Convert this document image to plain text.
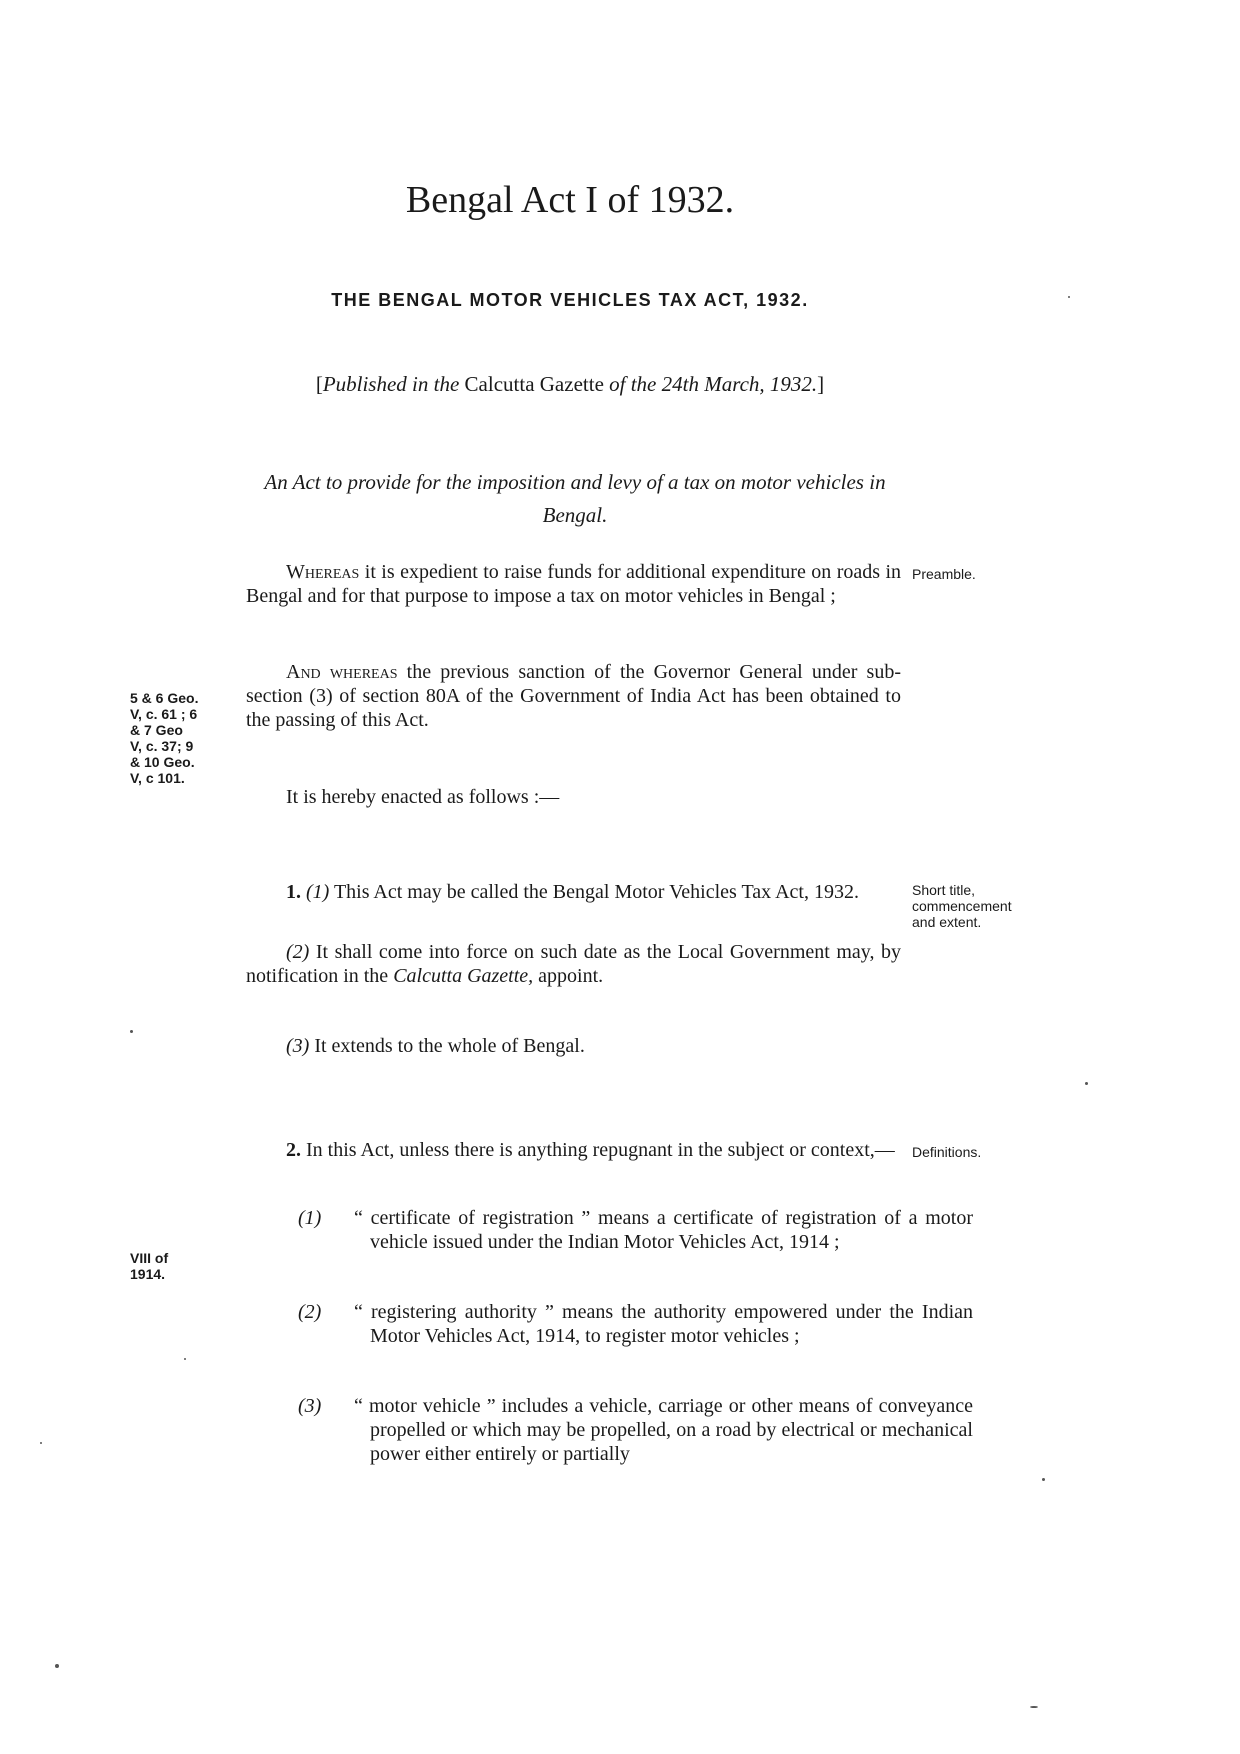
Bengal Act I of 1932.
THE BENGAL MOTOR VEHICLES TAX ACT, 1932.
[Published in the Calcutta Gazette of the 24th March, 1932.]
An Act to provide for the imposition and levy of a tax on motor vehicles in Bengal.
Whereas it is expedient to raise funds for additional expenditure on roads in Bengal and for that purpose to impose a tax on motor vehicles in Bengal ;
Preamble.
And whereas the previous sanction of the Governor General under sub-section (3) of section 80A of the Government of India Act has been obtained to the passing of this Act.
5 & 6 Geo.
V, c. 61 ; 6
& 7 Geo
V, c. 37; 9
& 10 Geo.
V, c 101.
It is hereby enacted as follows :—
1. (1) This Act may be called the Bengal Motor Vehicles Tax Act, 1932.	Short title,
commencement
and extent.
(2) It shall come into force on such date as the Local Government may, by notification in the Calcutta Gazette, appoint.
(3) It extends to the whole of Bengal.
2. In this Act, unless there is anything repugnant in the subject or context,—	Definitions.
(1) “ certificate of registration ” means a certificate of registration of a motor vehicle issued under the Indian Motor Vehicles Act, 1914 ;
VIII of
1914.
(2) “ registering authority ” means the authority empowered under the Indian Motor Vehicles Act, 1914, to register motor vehicles ;
(3) “ motor vehicle ” includes a vehicle, carriage or other means of conveyance propelled or which may be propelled, on a road by electrical or mechanical power either entirely or partially
